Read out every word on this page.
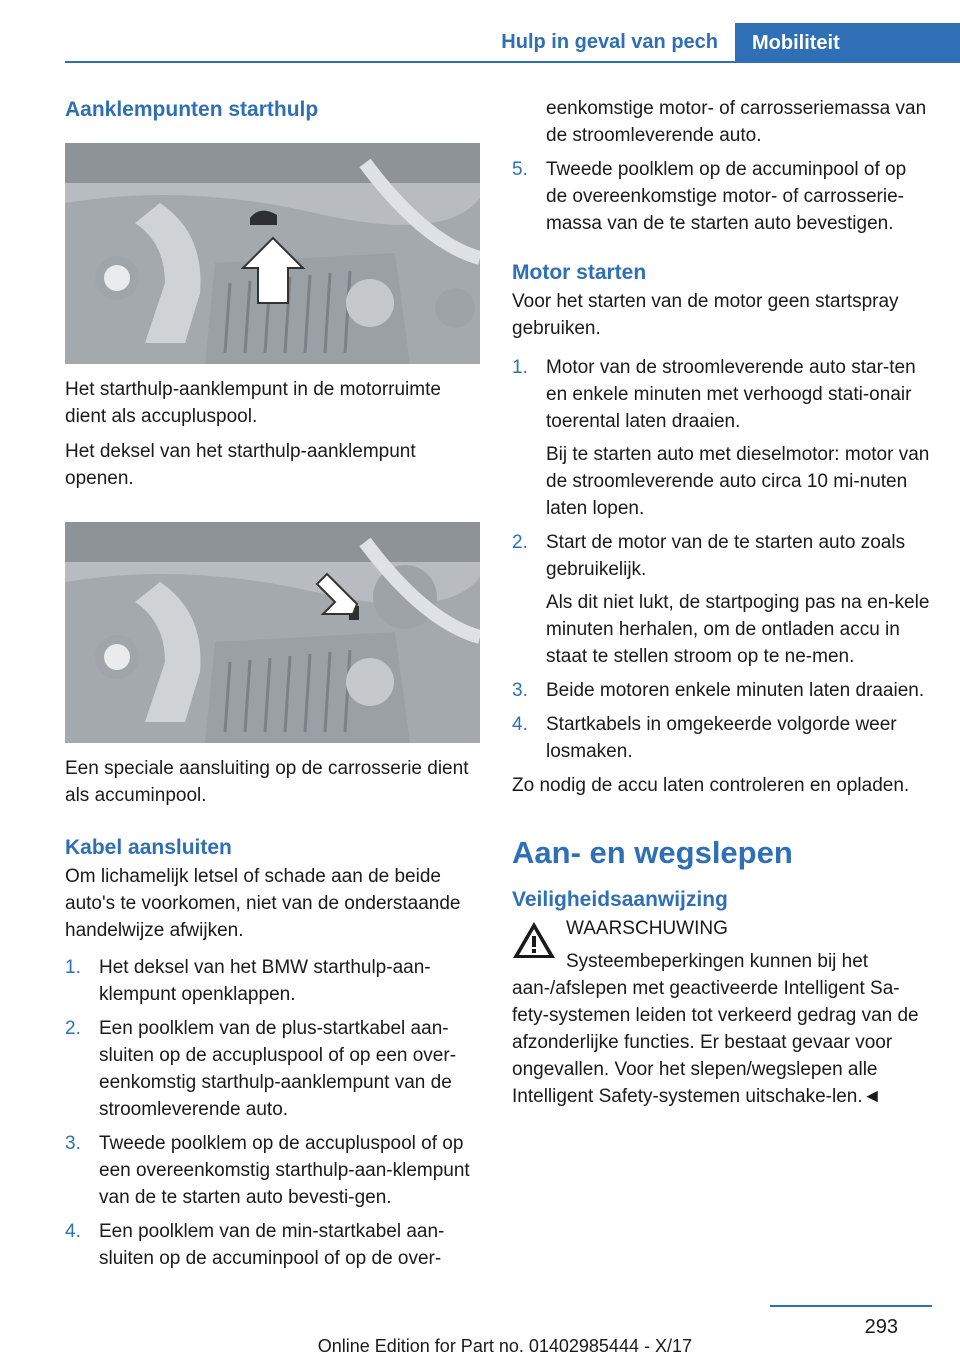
Hulp in geval van pech	Mobiliteit
Aanklempunten starthulp

Het starthulp-aanklempunt in de motorruimte dient als accupluspool.

Het deksel van het starthulp-aanklempunt openen.

Een speciale aansluiting op de carrosserie dient als accuminpool.

Kabel aansluiten

Om lichamelijk letsel of schade aan de beide auto's te voorkomen, niet van de onderstaande handelwijze afwijken.

1. Het deksel van het BMW starthulp-aan‐klempunt openklappen.
2. Een poolklem van de plus-startkabel aan‐sluiten op de accupluspool of op een over‐eenkomstig starthulp-aanklempunt van de stroomleverende auto.
3. Tweede poolklem op de accupluspool of op een overeenkomstig starthulp-aan‐klempunt van de te starten auto bevesti‐gen.
4. Een poolklem van de min-startkabel aan‐sluiten op de accuminpool of op de over‐

eenkomstige motor- of carrosseriemassa van de stroomleverende auto.

5. Tweede poolklem op de accuminpool of op de overeenkomstige motor- of carrosserie‐massa van de te starten auto bevestigen.
Motor starten

Voor het starten van de motor geen startspray gebruiken.

1. Motor van de stroomleverende auto star‐ten en enkele minuten met verhoogd stati‐onair toerental laten draaien.
Bij te starten auto met dieselmotor: motor van de stroomleverende auto circa 10 mi‐nuten laten lopen.
2. Start de motor van de te starten auto zoals gebruikelijk.
Als dit niet lukt, de startpoging pas na en‐kele minuten herhalen, om de ontladen accu in staat te stellen stroom op te ne‐men.
3. Beide motoren enkele minuten laten draaien.
4. Startkabels in omgekeerde volgorde weer losmaken.

Zo nodig de accu laten controleren en opladen.

Aan- en wegslepen
Veiligheidsaanwijzing

WAARSCHUWING

Systeembeperkingen kunnen bij het

aan-/afslepen met geactiveerde Intelligent Sa‐fety-systemen leiden tot verkeerd gedrag van de afzonderlijke functies. Er bestaat gevaar voor ongevallen. Voor het slepen/wegslepen alle Intelligent Safety-systemen uitschake‐len.◄

293
Online Edition for Part no. 01402985444 - X/17
